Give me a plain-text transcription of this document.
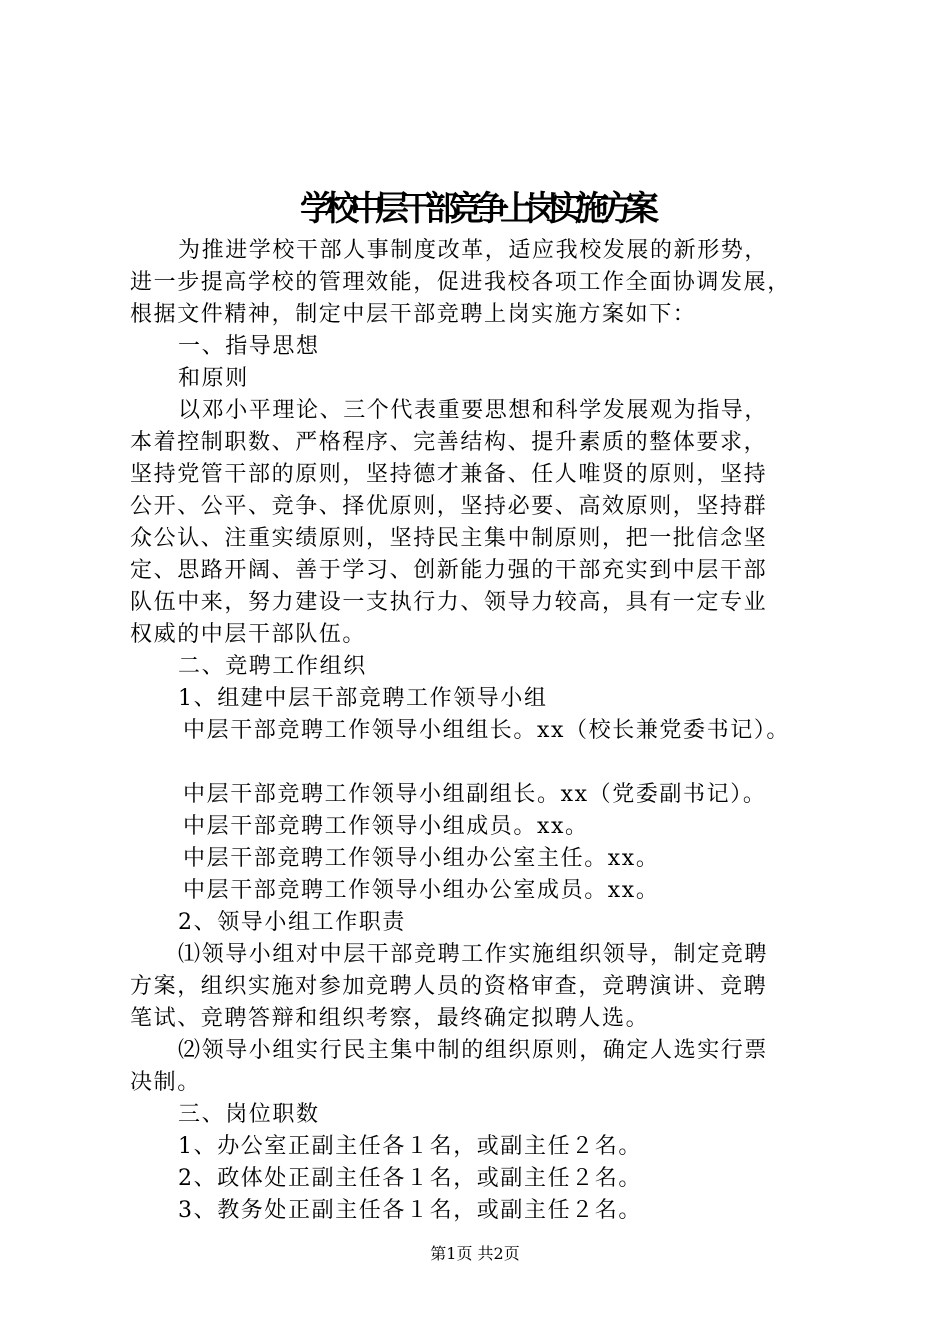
学校中层干部竞争上岗实施方案
为推进学校干部人事制度改革，适应我校发展的新形势，
进一步提高学校的管理效能，促进我校各项工作全面协调发展，
根据文件精神，制定中层干部竞聘上岗实施方案如下：
一、指导思想
和原则
以邓小平理论、三个代表重要思想和科学发展观为指导，
本着控制职数、严格程序、完善结构、提升素质的整体要求，
坚持党管干部的原则，坚持德才兼备、任人唯贤的原则，坚持
公开、公平、竞争、择优原则，坚持必要、高效原则，坚持群
众公认、注重实绩原则，坚持民主集中制原则，把一批信念坚
定、思路开阔、善于学习、创新能力强的干部充实到中层干部
队伍中来，努力建设一支执行力、领导力较高，具有一定专业
权威的中层干部队伍。
二、竞聘工作组织
1、组建中层干部竞聘工作领导小组
中层干部竞聘工作领导小组组长。xx（校长兼党委书记）。
中层干部竞聘工作领导小组副组长。xx（党委副书记）。
中层干部竞聘工作领导小组成员。xx。
中层干部竞聘工作领导小组办公室主任。xx。
中层干部竞聘工作领导小组办公室成员。xx。
2、领导小组工作职责
⑴领导小组对中层干部竞聘工作实施组织领导，制定竞聘
方案，组织实施对参加竞聘人员的资格审查，竞聘演讲、竞聘
笔试、竞聘答辩和组织考察，最终确定拟聘人选。
⑵领导小组实行民主集中制的组织原则，确定人选实行票
决制。
三、岗位职数
1、办公室正副主任各１名，或副主任２名。
2、政体处正副主任各１名，或副主任２名。
3、教务处正副主任各１名，或副主任２名。
第1页 共2页
